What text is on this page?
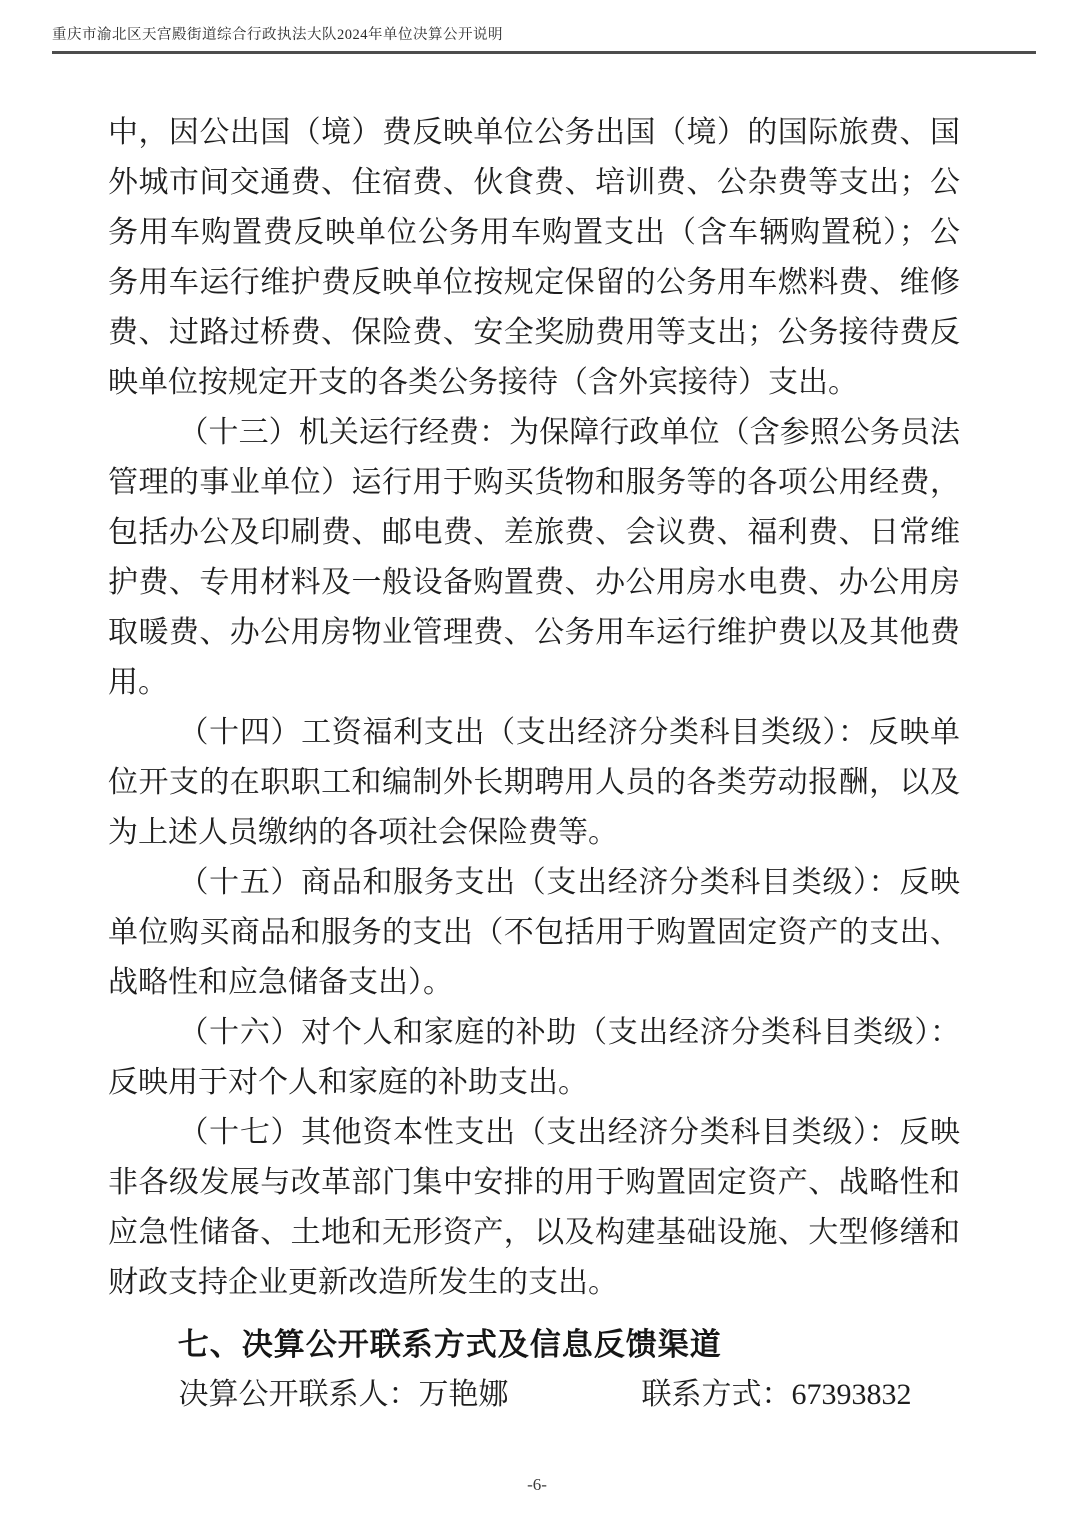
重庆市渝北区天宫殿街道综合行政执法大队2024年单位决算公开说明

中，因公出国（境）费反映单位公务出国（境）的国际旅费、国外城市间交通费、住宿费、伙食费、培训费、公杂费等支出；公务用车购置费反映单位公务用车购置支出（含车辆购置税）；公务用车运行维护费反映单位按规定保留的公务用车燃料费、维修费、过路过桥费、保险费、安全奖励费用等支出；公务接待费反映单位按规定开支的各类公务接待（含外宾接待）支出。

（十三）机关运行经费：为保障行政单位（含参照公务员法管理的事业单位）运行用于购买货物和服务等的各项公用经费，包括办公及印刷费、邮电费、差旅费、会议费、福利费、日常维护费、专用材料及一般设备购置费、办公用房水电费、办公用房取暖费、办公用房物业管理费、公务用车运行维护费以及其他费用。

（十四）工资福利支出（支出经济分类科目类级）：反映单位开支的在职职工和编制外长期聘用人员的各类劳动报酬，以及为上述人员缴纳的各项社会保险费等。

（十五）商品和服务支出（支出经济分类科目类级）：反映单位购买商品和服务的支出（不包括用于购置固定资产的支出、战略性和应急储备支出）。

（十六）对个人和家庭的补助（支出经济分类科目类级）：反映用于对个人和家庭的补助支出。

（十七）其他资本性支出（支出经济分类科目类级）：反映非各级发展与改革部门集中安排的用于购置固定资产、战略性和应急性储备、土地和无形资产，以及构建基础设施、大型修缮和财政支持企业更新改造所发生的支出。

七、决算公开联系方式及信息反馈渠道

决算公开联系人：万艳娜	联系方式：67393832

-6-
